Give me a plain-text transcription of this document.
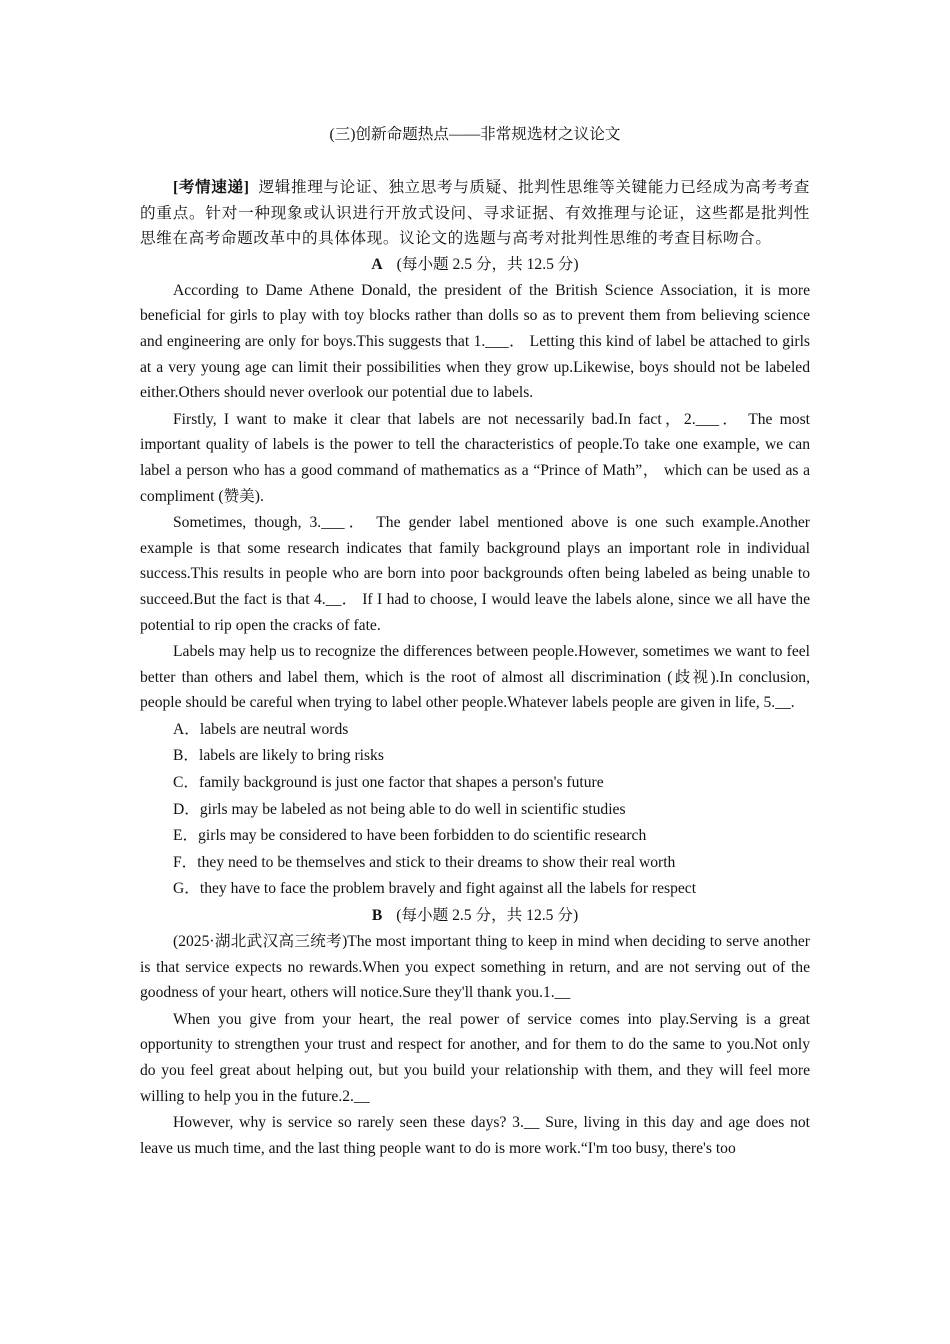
(三)创新命题热点——非常规选材之议论文

[考情速递] 逻辑推理与论证、独立思考与质疑、批判性思维等关键能力已经成为高考考查的重点。针对一种现象或认识进行开放式设问、寻求证据、有效推理与论证，这些都是批判性思维在高考命题改革中的具体体现。议论文的选题与高考对批判性思维的考查目标吻合。

A (每小题 2.5 分，共 12.5 分)

According to Dame Athene Donald, the president of the British Science Association, it is more beneficial for girls to play with toy blocks rather than dolls so as to prevent them from believing science and engineering are only for boys.This suggests that 1.___． Letting this kind of label be attached to girls at a very young age can limit their possibilities when they grow up.Likewise, boys should not be labeled either.Others should never overlook our potential due to labels.

Firstly, I want to make it clear that labels are not necessarily bad.In fact，2.___． The most important quality of labels is the power to tell the characteristics of people.To take one example, we can label a person who has a good command of mathematics as a “Prince of Math”， which can be used as a compliment (赞美).

Sometimes, though, 3.___． The gender label mentioned above is one such example.Another example is that some research indicates that family background plays an important role in individual success.This results in people who are born into poor backgrounds often being labeled as being unable to succeed.But the fact is that 4.__． If I had to choose, I would leave the labels alone, since we all have the potential to rip open the cracks of fate.

Labels may help us to recognize the differences between people.However, sometimes we want to feel better than others and label them, which is the root of almost all discrimination (歧视).In conclusion, people should be careful when trying to label other people.Whatever labels people are given in life, 5.__.

A．labels are neutral words

B．labels are likely to bring risks

C．family background is just one factor that shapes a person's future

D．girls may be labeled as not being able to do well in scientific studies

E．girls may be considered to have been forbidden to do scientific research

F．they need to be themselves and stick to their dreams to show their real worth

G．they have to face the problem bravely and fight against all the labels for respect

B (每小题 2.5 分，共 12.5 分)

(2025·湖北武汉高三统考)The most important thing to keep in mind when deciding to serve another is that service expects no rewards.When you expect something in return, and are not serving out of the goodness of your heart, others will notice.Sure they'll thank you.1.__

When you give from your heart, the real power of service comes into play.Serving is a great opportunity to strengthen your trust and respect for another, and for them to do the same to you.Not only do you feel great about helping out, but you build your relationship with them, and they will feel more willing to help you in the future.2.__

However, why is service so rarely seen these days? 3.__ Sure, living in this day and age does not leave us much time, and the last thing people want to do is more work.“I'm too busy, there's too
